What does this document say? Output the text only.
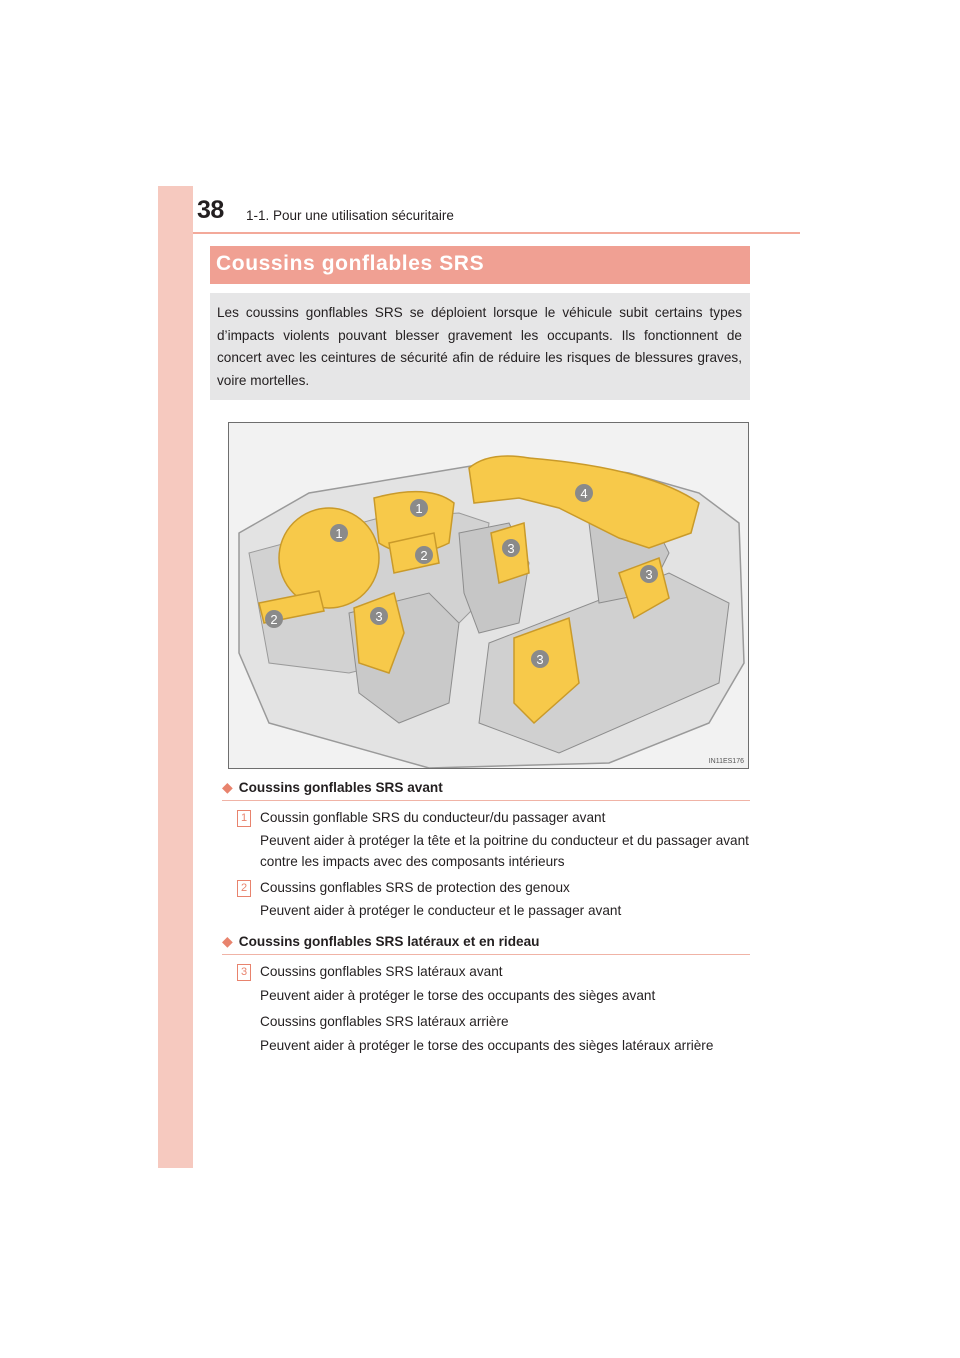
38 1-1. Pour une utilisation sécuritaire
Coussins gonflables SRS
Les coussins gonflables SRS se déploient lorsque le véhicule subit certains types d’impacts violents pouvant blesser gravement les occupants. Ils fonctionnent de concert avec les ceintures de sécurité afin de réduire les risques de blessures graves, voire mortelles.
1
1
2
2
3
3
3
3
4
IN11ES176
◆ Coussins gonflables SRS avant
1 Coussin gonflable SRS du conducteur/du passager avant
Peuvent aider à protéger la tête et la poitrine du conducteur et du passager avant contre les impacts avec des composants intérieurs
2 Coussins gonflables SRS de protection des genoux
Peuvent aider à protéger le conducteur et le passager avant
◆ Coussins gonflables SRS latéraux et en rideau
3 Coussins gonflables SRS latéraux avant
Peuvent aider à protéger le torse des occupants des sièges avant
Coussins gonflables SRS latéraux arrière
Peuvent aider à protéger le torse des occupants des sièges latéraux arrière
